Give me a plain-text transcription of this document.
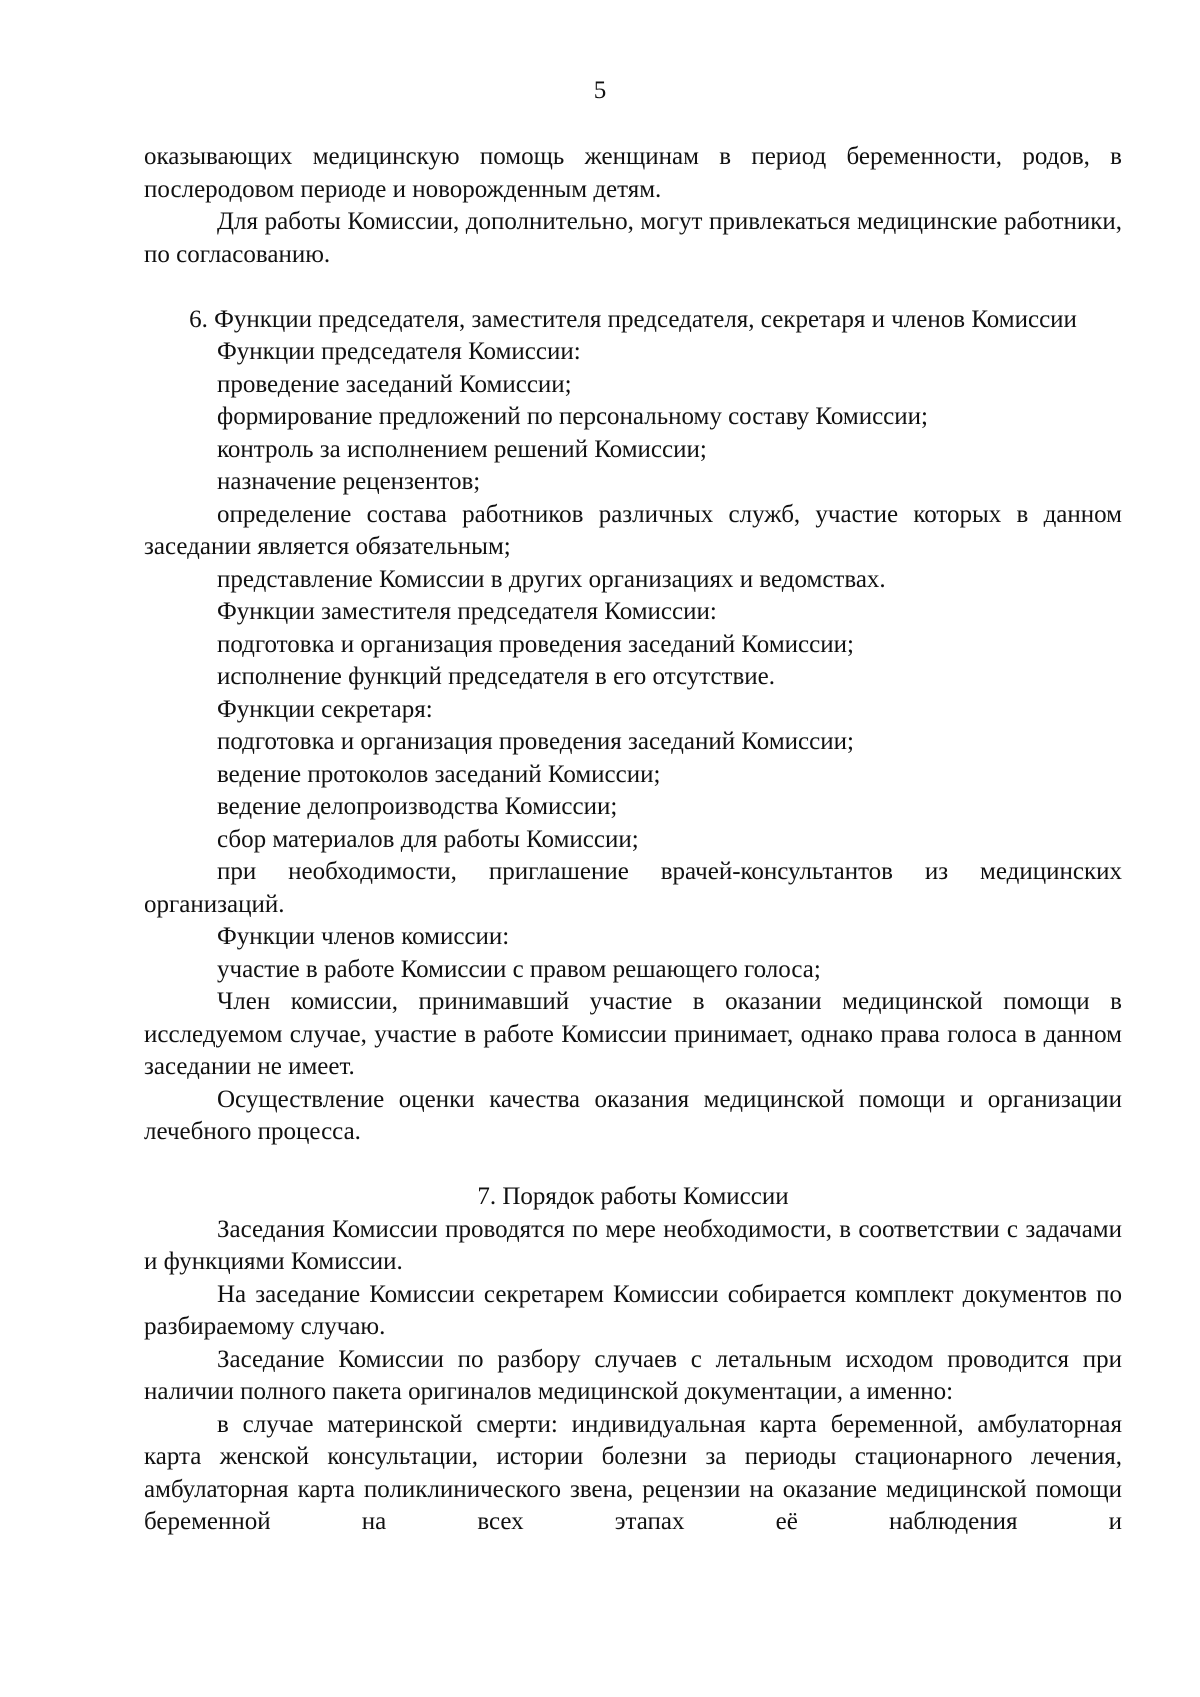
5

оказывающих медицинскую помощь женщинам в период беременности, родов, в послеродовом периоде и новорожденным детям.

Для работы Комиссии, дополнительно, могут привлекаться медицинские работники, по согласованию.

6. Функции председателя, заместителя председателя, секретаря и членов Комиссии

Функции председателя Комиссии:

проведение заседаний Комиссии;

формирование предложений по персональному составу Комиссии;

контроль за исполнением решений Комиссии;

назначение рецензентов;

определение состава работников различных служб, участие которых в данном заседании является обязательным;

представление Комиссии в других организациях и ведомствах.

Функции заместителя председателя Комиссии:

подготовка и организация проведения заседаний Комиссии;

исполнение функций председателя в его отсутствие.

Функции секретаря:

подготовка и организация проведения заседаний Комиссии;

ведение протоколов заседаний Комиссии;

ведение делопроизводства Комиссии;

сбор материалов для работы Комиссии;

при необходимости, приглашение врачей-консультантов из медицинских организаций.

Функции членов комиссии:

участие в работе Комиссии с правом решающего голоса;

Член комиссии, принимавший участие в оказании медицинской помощи в исследуемом случае, участие в работе Комиссии принимает, однако права голоса в данном заседании не имеет.

Осуществление оценки качества оказания медицинской помощи и организации лечебного процесса.

7. Порядок работы Комиссии

Заседания Комиссии проводятся по мере необходимости, в соответствии с задачами и функциями Комиссии.

На заседание Комиссии секретарем Комиссии собирается комплект документов по разбираемому случаю.

Заседание Комиссии по разбору случаев с летальным исходом проводится при наличии полного пакета оригиналов медицинской документации, а именно:

в случае материнской смерти: индивидуальная карта беременной, амбулаторная карта женской консультации, истории болезни за периоды стационарного лечения, амбулаторная карта поликлинического звена, рецензии на оказание медицинской помощи беременной на всех этапах её наблюдения и
